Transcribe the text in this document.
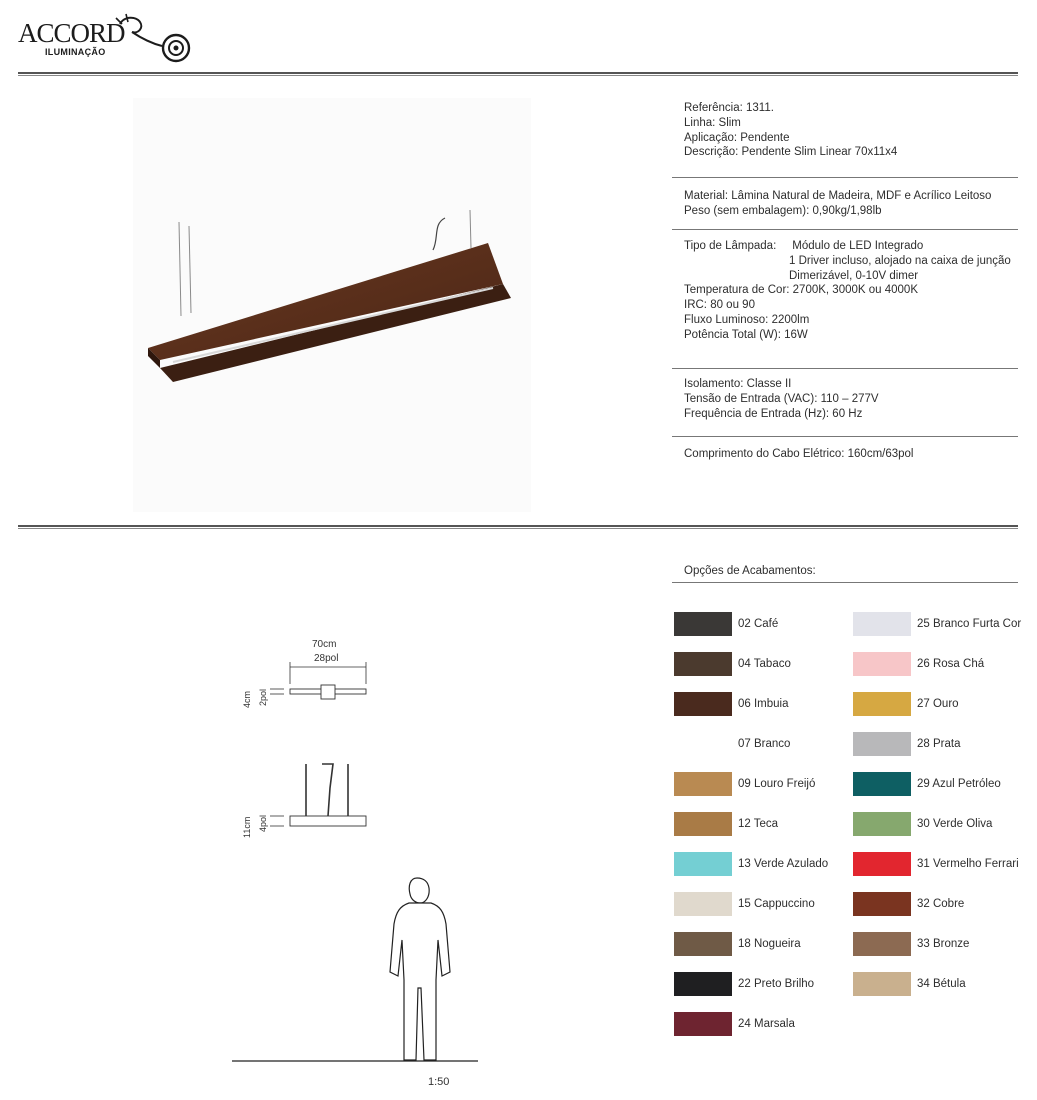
ACCORD
ILUMINAÇÃO
Referência: 1311.
Linha: Slim
Aplicação: Pendente
Descrição: Pendente Slim Linear 70x11x4
Material: Lâmina Natural de Madeira, MDF e Acrílico Leitoso
Peso (sem embalagem): 0,90kg/1,98lb
Tipo de Lâmpada:     Módulo de LED Integrado
1 Driver incluso, alojado na caixa de junção
Dimerizável, 0-10V dimer
Temperatura de Cor: 2700K, 3000K ou 4000K
IRC: 80 ou 90
Fluxo Luminoso: 2200lm
Potência Total (W): 16W
Isolamento: Classe II
Tensão de Entrada (VAC): 110 – 277V
Frequência de Entrada (Hz): 60 Hz
Comprimento do Cabo Elétrico: 160cm/63pol
70cm
28pol
4cm 2pol
11cm 4pol
1:50
Opções de Acabamentos:
02 Café
04 Tabaco
06 Imbuia
07 Branco
09 Louro Freijó
12 Teca
13 Verde Azulado
15 Cappuccino
18 Nogueira
22 Preto Brilho
24 Marsala
25 Branco Furta Cor
26 Rosa Chá
27 Ouro
28 Prata
29 Azul Petróleo
30 Verde Oliva
31 Vermelho Ferrari
32 Cobre
33 Bronze
34 Bétula
